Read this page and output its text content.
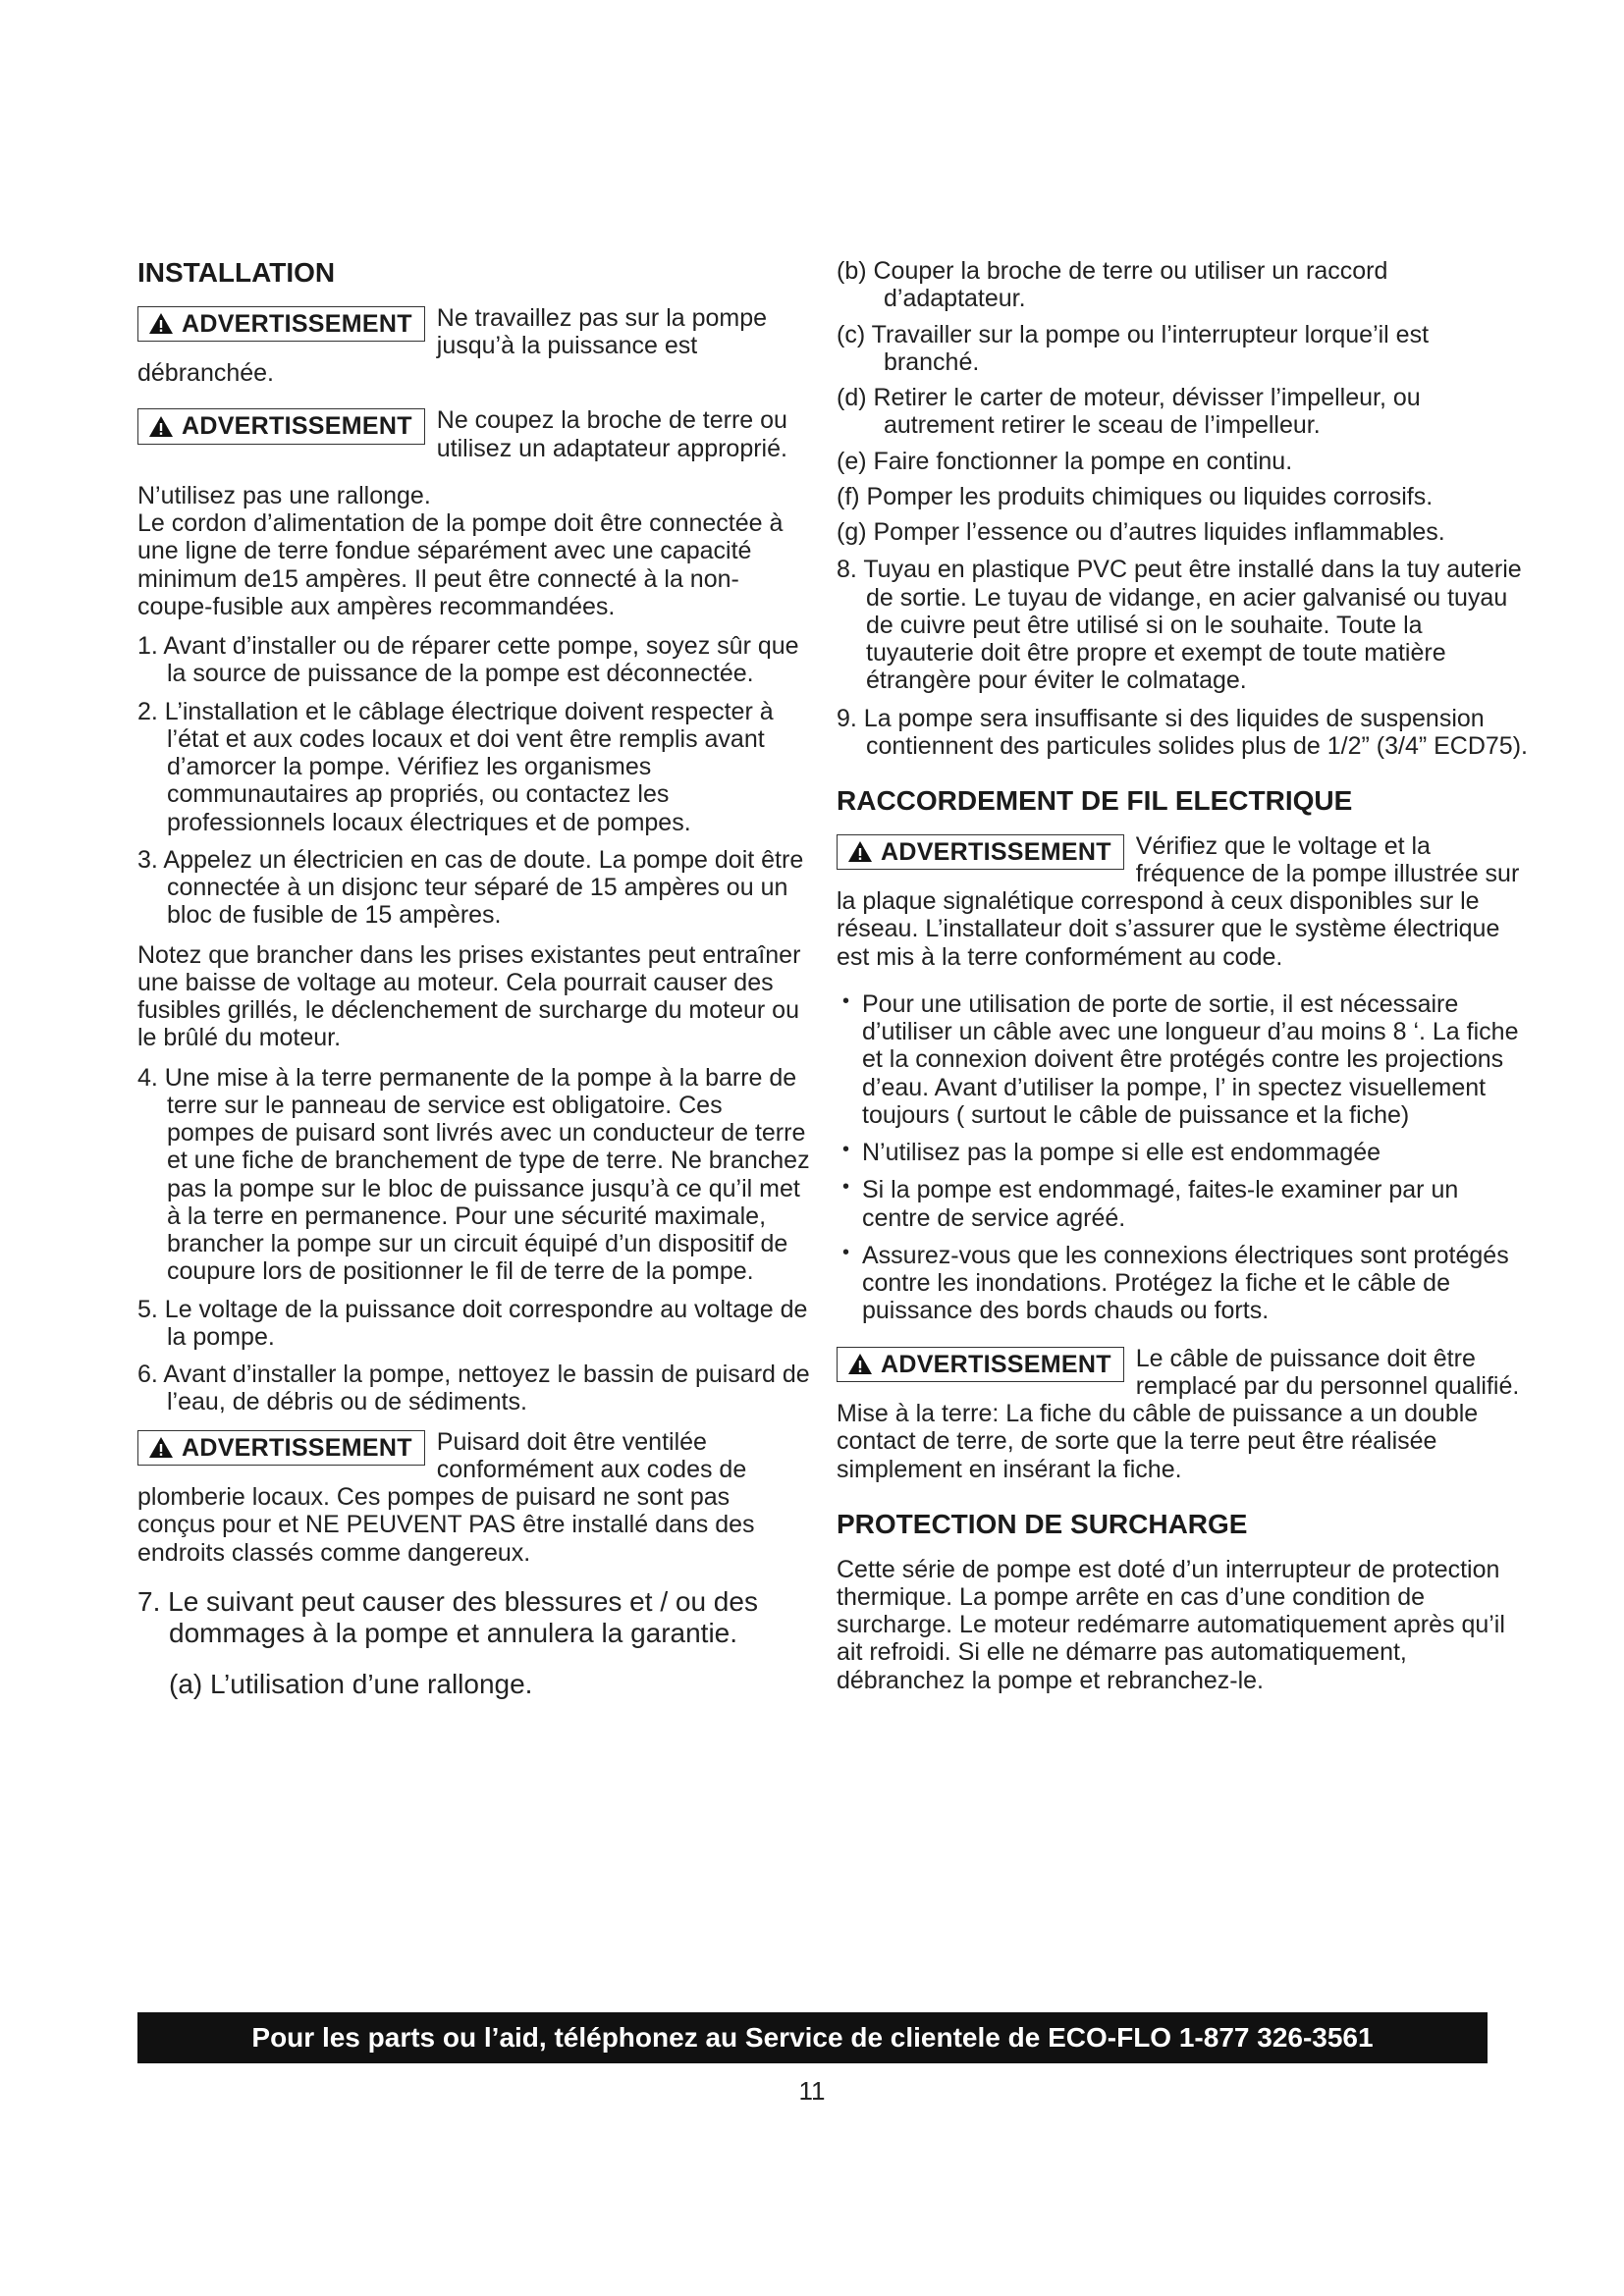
INSTALLATION
ADVERTISSEMENT	Ne travaillez pas sur la pompe jusqu’à la puissance est débranchée.

ADVERTISSEMENT	Ne coupez la broche de terre ou utilisez un adaptateur approprié.

N’utilisez pas une rallonge.
Le cordon d’alimentation de la pompe doit être connectée à une ligne de terre fondue séparément avec une capacité minimum de15 ampères. Il peut être connecté à la non-coupe-fusible aux ampères recommandées.

1. Avant d’installer ou de réparer cette pompe, soyez sûr que la source de puissance de la pompe est déconnectée.
2. L’installation et le câblage électrique doivent respecter à l’état et aux codes locaux et doi vent être remplis avant d’amorcer la pompe. Vérifiez les organismes communautaires ap propriés, ou contactez les professionnels locaux électriques et de pompes.
3. Appelez un électricien en cas de doute. La pompe doit être connectée à un disjonc teur séparé de 15 ampères ou un bloc de fusible de 15 ampères.

Notez que brancher dans les prises existantes peut entraîner une baisse de voltage au moteur. Cela pourrait causer des fusibles grillés, le déclenchement de surcharge du moteur ou le brûlé du moteur.

4. Une mise à la terre permanente de la pompe à la barre de terre sur le panneau de service est obligatoire. Ces pompes de puisard sont livrés avec un conducteur de terre et une fiche de branchement de type de terre. Ne branchez pas la pompe sur le bloc de puissance jusqu’à ce qu’il met à la terre en permanence. Pour une sécurité maximale, brancher la pompe sur un circuit équipé d’un dispositif de coupure lors de positionner le fil de terre de la pompe.
5. Le voltage de la puissance doit correspondre au voltage de la pompe.
6. Avant d’installer la pompe, nettoyez le bassin de puisard de l’eau, de débris ou de sédiments.
ADVERTISSEMENT	Puisard doit être ventilée conformément aux codes de plomberie locaux. Ces pompes de puisard ne sont pas conçus pour et NE PEUVENT PAS être installé dans des endroits classés comme dangereux.

7. Le suivant peut causer des blessures et / ou des dommages à la pompe et annulera la garantie.

(a) L’utilisation d’une rallonge.

(b) Couper la broche de terre ou utiliser un raccord d’adaptateur.
(c) Travailler sur la pompe ou l’interrupteur lorque’il est branché.
(d) Retirer le carter de moteur, dévisser l’impelleur, ou autrement retirer le sceau de l’impelleur.
(e) Faire fonctionner la pompe en continu.
(f) Pomper les produits chimiques ou liquides corrosifs.
(g) Pomper l’essence ou d’autres liquides inflammables.
8. Tuyau en plastique PVC peut être installé dans la tuy auterie de sortie. Le tuyau de vidange, en acier galvanisé ou tuyau de cuivre peut être utilisé si on le souhaite. Toute la tuyauterie doit être propre et exempt de toute matière étrangère pour éviter le colmatage.
9. La pompe sera insuffisante si des liquides de suspension contiennent des particules solides plus de 1/2” (3/4” ECD75).
RACCORDEMENT DE FIL ELECTRIQUE
ADVERTISSEMENT	Vérifiez que le voltage et la fréquence de la pompe illustrée sur la plaque signalétique correspond à ceux disponibles sur le réseau. L’installateur doit s’assurer que le système électrique est mis à la terre conformément au code.

• Pour une utilisation de porte de sortie, il est nécessaire d’utiliser un câble avec une longueur d’au moins 8 ‘. La fiche et la connexion doivent être protégés contre les projections d’eau. Avant d’utiliser la pompe, l’ in spectez visuellement toujours ( surtout le câble de puissance et la fiche)
• N’utilisez pas la pompe si elle est endommagée
• Si la pompe est endommagé, faites-le examiner par un centre de service agréé.
• Assurez-vous que les connexions électriques sont protégés contre les inondations. Protégez la fiche et le câble de puissance des bords chauds ou forts.
ADVERTISSEMENT	Le câble de puissance doit être remplacé par du personnel qualifié. Mise à la terre: La fiche du câble de puissance a un double contact de terre, de sorte que la terre peut être réalisée simplement en insérant la fiche.

PROTECTION DE SURCHARGE

Cette série de pompe est doté d’un interrupteur de protection thermique. La pompe arrête en cas d’une condition de surcharge. Le moteur redémarre automatiquement après qu’il ait refroidi. Si elle ne démarre pas automatiquement, débranchez la pompe et rebranchez-le.

Pour les parts ou l’aid, téléphonez au Service de clientele de ECO-FLO 1-877 326-3561
11
